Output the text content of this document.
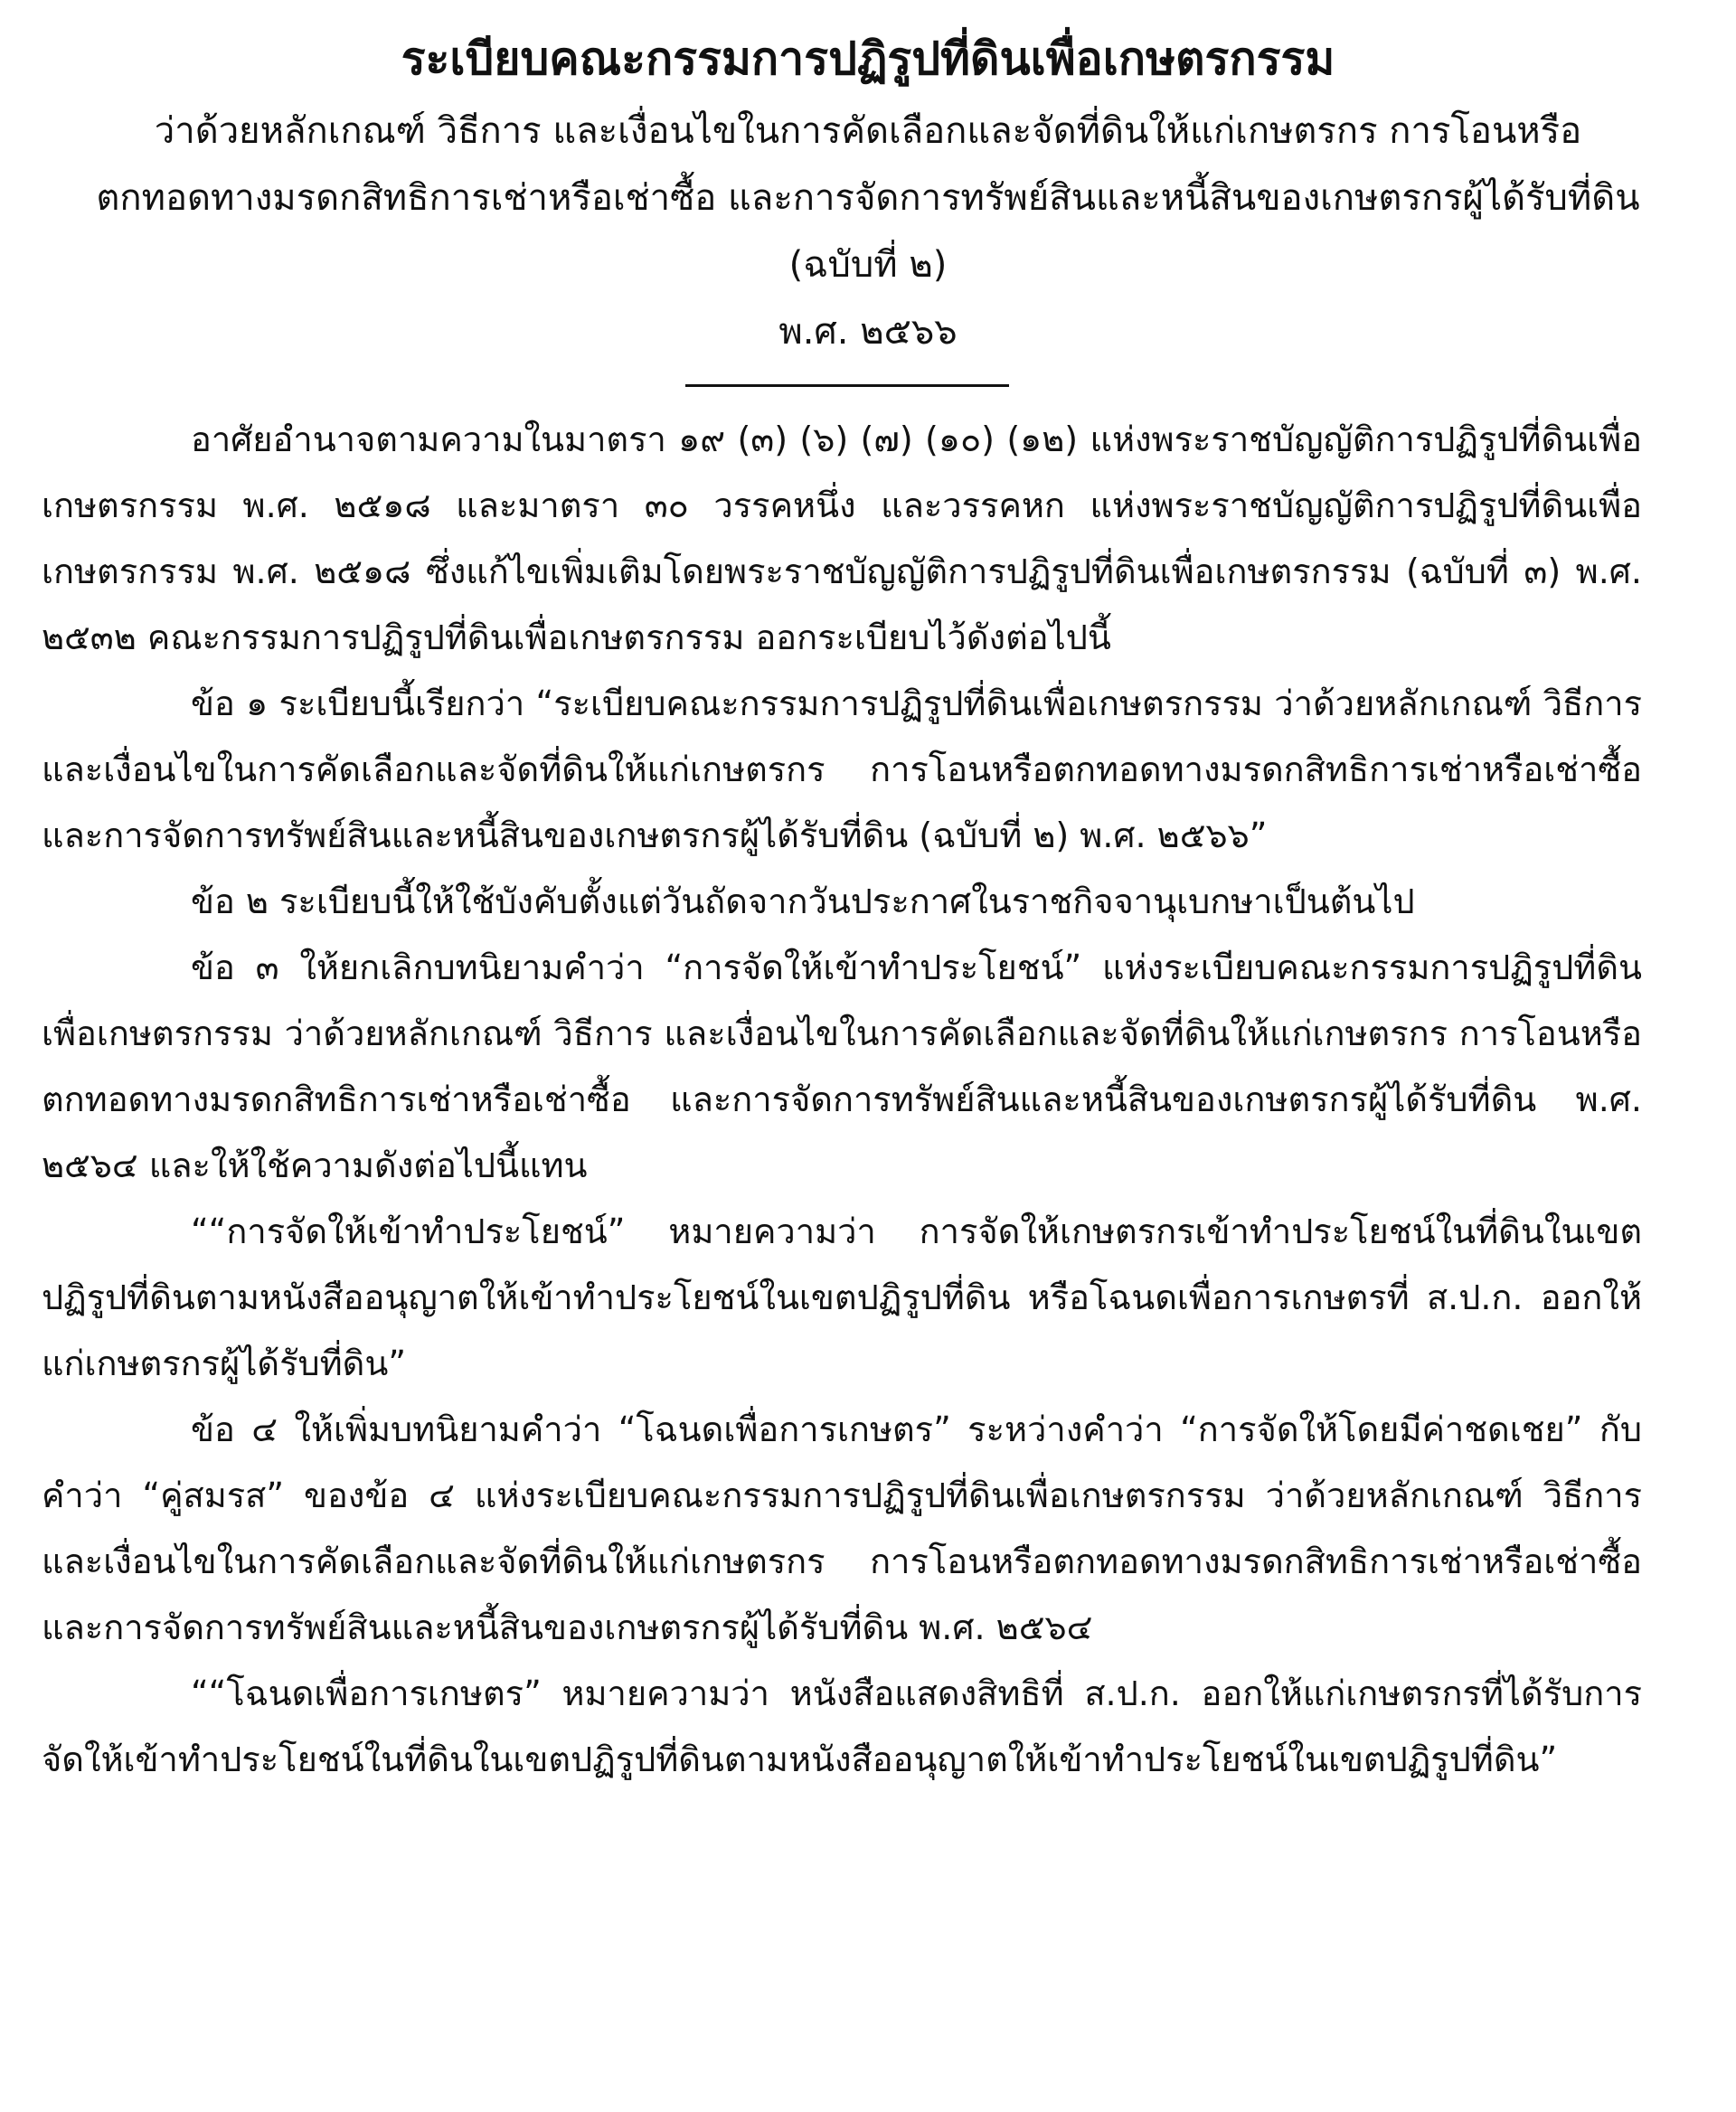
ระเบียบคณะกรรมการปฏิรูปที่ดินเพื่อเกษตรกรรม

ว่าด้วยหลักเกณฑ์ วิธีการ และเงื่อนไขในการคัดเลือกและจัดที่ดินให้แก่เกษตรกร การโอนหรือ

ตกทอดทางมรดกสิทธิการเช่าหรือเช่าซื้อ และการจัดการทรัพย์สินและหนี้สินของเกษตรกรผู้ได้รับที่ดิน

(ฉบับที่ ๒)

พ.ศ. ๒๕๖๖

อาศัยอำนาจตามความในมาตรา ๑๙ (๓) (๖) (๗) (๑๐) (๑๒) แห่งพระราชบัญญัติการปฏิรูปที่ดินเพื่อเกษตรกรรม พ.ศ. ๒๕๑๘ และมาตรา ๓๐ วรรคหนึ่ง และวรรคหก แห่งพระราชบัญญัติการปฏิรูปที่ดินเพื่อเกษตรกรรม พ.ศ. ๒๕๑๘ ซึ่งแก้ไขเพิ่มเติมโดยพระราชบัญญัติการปฏิรูปที่ดินเพื่อเกษตรกรรม (ฉบับที่ ๓) พ.ศ. ๒๕๓๒ คณะกรรมการปฏิรูปที่ดินเพื่อเกษตรกรรม ออกระเบียบไว้ดังต่อไปนี้

ข้อ ๑ ระเบียบนี้เรียกว่า “ระเบียบคณะกรรมการปฏิรูปที่ดินเพื่อเกษตรกรรม ว่าด้วยหลักเกณฑ์ วิธีการ และเงื่อนไขในการคัดเลือกและจัดที่ดินให้แก่เกษตรกร การโอนหรือตกทอดทางมรดกสิทธิการเช่าหรือเช่าซื้อ และการจัดการทรัพย์สินและหนี้สินของเกษตรกรผู้ได้รับที่ดิน (ฉบับที่ ๒) พ.ศ. ๒๕๖๖”

ข้อ ๒ ระเบียบนี้ให้ใช้บังคับตั้งแต่วันถัดจากวันประกาศในราชกิจจานุเบกษาเป็นต้นไป

ข้อ ๓ ให้ยกเลิกบทนิยามคำว่า “การจัดให้เข้าทำประโยชน์” แห่งระเบียบคณะกรรมการปฏิรูปที่ดินเพื่อเกษตรกรรม ว่าด้วยหลักเกณฑ์ วิธีการ และเงื่อนไขในการคัดเลือกและจัดที่ดินให้แก่เกษตรกร การโอนหรือตกทอดทางมรดกสิทธิการเช่าหรือเช่าซื้อ และการจัดการทรัพย์สินและหนี้สินของเกษตรกรผู้ได้รับที่ดิน พ.ศ. ๒๕๖๔ และให้ใช้ความดังต่อไปนี้แทน

““การจัดให้เข้าทำประโยชน์” หมายความว่า การจัดให้เกษตรกรเข้าทำประโยชน์ในที่ดินในเขตปฏิรูปที่ดินตามหนังสืออนุญาตให้เข้าทำประโยชน์ในเขตปฏิรูปที่ดิน หรือโฉนดเพื่อการเกษตรที่ ส.ป.ก. ออกให้แก่เกษตรกรผู้ได้รับที่ดิน”

ข้อ ๔ ให้เพิ่มบทนิยามคำว่า “โฉนดเพื่อการเกษตร” ระหว่างคำว่า “การจัดให้โดยมีค่าชดเชย” กับคำว่า “คู่สมรส” ของข้อ ๔ แห่งระเบียบคณะกรรมการปฏิรูปที่ดินเพื่อเกษตรกรรม ว่าด้วยหลักเกณฑ์ วิธีการ และเงื่อนไขในการคัดเลือกและจัดที่ดินให้แก่เกษตรกร การโอนหรือตกทอดทางมรดกสิทธิการเช่าหรือเช่าซื้อ และการจัดการทรัพย์สินและหนี้สินของเกษตรกรผู้ได้รับที่ดิน พ.ศ. ๒๕๖๔

““โฉนดเพื่อการเกษตร” หมายความว่า หนังสือแสดงสิทธิที่ ส.ป.ก. ออกให้แก่เกษตรกรที่ได้รับการจัดให้เข้าทำประโยชน์ในที่ดินในเขตปฏิรูปที่ดินตามหนังสืออนุญาตให้เข้าทำประโยชน์ในเขตปฏิรูปที่ดิน”
